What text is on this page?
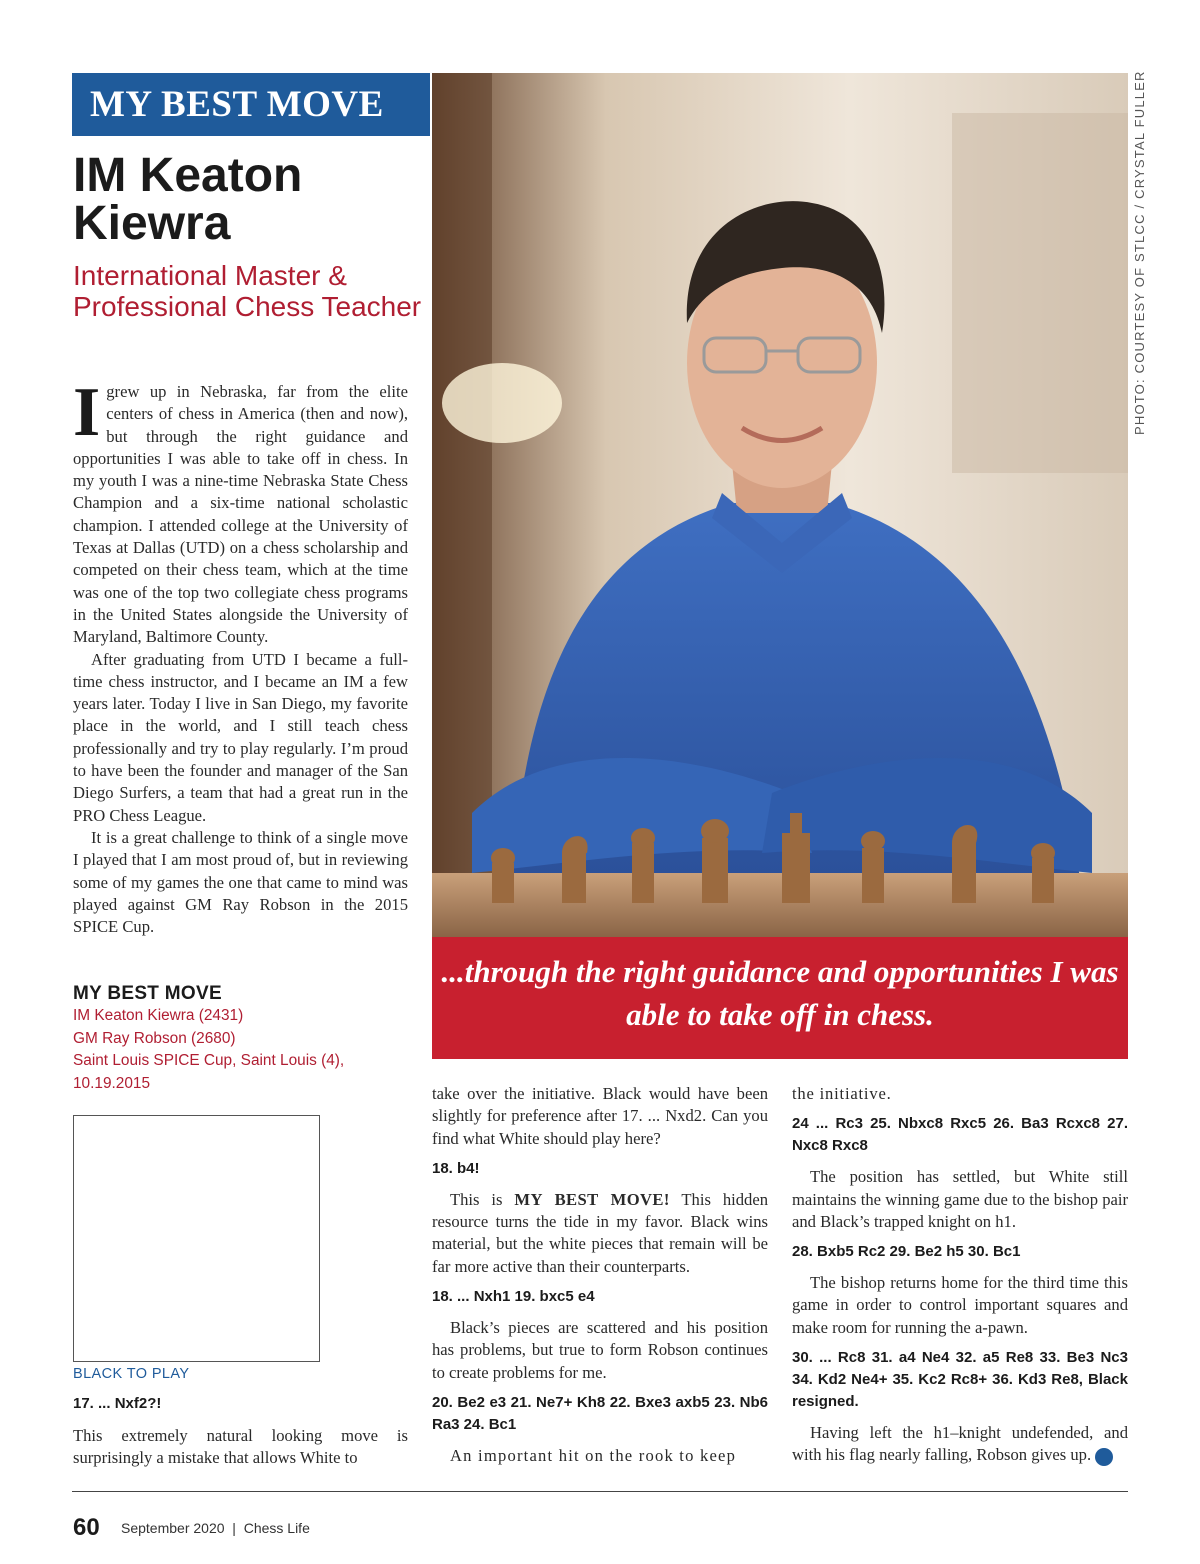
MY BEST MOVE
IM Keaton Kiewra
International Master & Professional Chess Teacher

Igrew up in Nebraska, far from the elite centers of chess in America (then and now), but through the right guidance and opportunities I was able to take off in chess. In my youth I was a nine-time Nebraska State Chess Champion and a six-time national scholastic champion. I attended college at the University of Texas at Dallas (UTD) on a chess scholarship and competed on their chess team, which at the time was one of the top two collegiate chess programs in the United States alongside the University of Maryland, Baltimore County.

After graduating from UTD I became a full-time chess instructor, and I became an IM a few years later. Today I live in San Diego, my favorite place in the world, and I still teach chess professionally and try to play regularly. I’m proud to have been the founder and manager of the San Diego Surfers, a team that had a great run in the PRO Chess League.

It is a great challenge to think of a single move I played that I am most proud of, but in reviewing some of my games the one that came to mind was played against GM Ray Robson in the 2015 SPICE Cup.

PHOTO: COURTESY OF STLCC / CRYSTAL FULLER
...through the right guidance and opportunities I was able to take off in chess.
MY BEST MOVE

IM Keaton Kiewra (2431)

GM Ray Robson (2680)

Saint Louis SPICE Cup, Saint Louis (4), 10.19.2015

BLACK TO PLAY

17. ... Nxf2?!

This extremely natural looking move is surprisingly a mistake that allows White to

take over the initiative. Black would have been slightly for preference after 17. ... Nxd2. Can you find what White should play here?

18. b4!

This is MY BEST MOVE! This hidden resource turns the tide in my favor. Black wins material, but the white pieces that remain will be far more active than their counterparts.

18. ... Nxh1 19. bxc5 e4

Black’s pieces are scattered and his position has problems, but true to form Robson continues to create problems for me.

20. Be2 e3 21. Ne7+ Kh8 22. Bxe3 axb5 23. Nb6 Ra3 24. Bc1

An important hit on the rook to keep

the initiative.

24 ... Rc3 25. Nbxc8 Rxc5 26. Ba3 Rcxc8 27. Nxc8 Rxc8

The position has settled, but White still maintains the winning game due to the bishop pair and Black’s trapped knight on h1.

28. Bxb5 Rc2 29. Be2 h5 30. Bc1

The bishop returns home for the third time this game in order to control important squares and make room for running the a-pawn.

30. ... Rc8 31. a4 Ne4 32. a5 Re8 33. Be3 Nc3 34. Kd2 Ne4+ 35. Kc2 Rc8+ 36. Kd3 Re8, Black resigned.

Having left the h1–knight undefended, and with his flag nearly falling, Robson gives up. ♚

60 September 2020  |  Chess Life
